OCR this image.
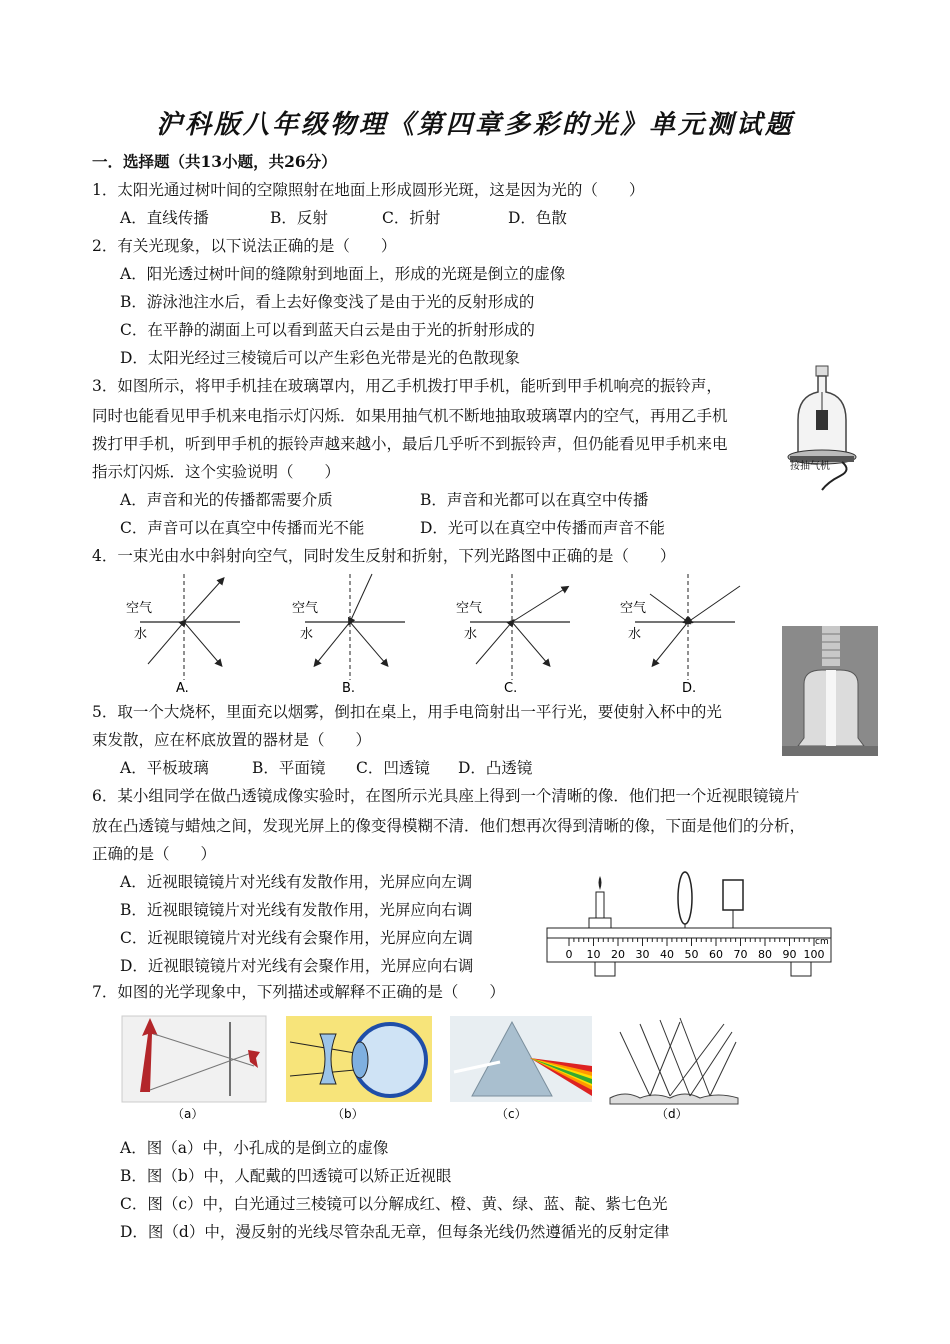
沪科版八年级物理《第四章多彩的光》单元测试题
一．选择题（共13小题，共26分）
1．太阳光通过树叶间的空隙照射在地面上形成圆形光斑，这是因为光的（　　）
A．直线传播	B．反射	C．折射	D．色散
2．有关光现象，以下说法正确的是（　　）
A．阳光透过树叶间的缝隙射到地面上，形成的光斑是倒立的虚像
B．游泳池注水后，看上去好像变浅了是由于光的反射形成的
C．在平静的湖面上可以看到蓝天白云是由于光的折射形成的
D．太阳光经过三棱镜后可以产生彩色光带是光的色散现象
3．如图所示，将甲手机挂在玻璃罩内，用乙手机拨打甲手机，能听到甲手机响亮的振铃声，
同时也能看见甲手机来电指示灯闪烁．如果用抽气机不断地抽取玻璃罩内的空气，再用乙手机
拨打甲手机，听到甲手机的振铃声越来越小，最后几乎听不到振铃声，但仍能看见甲手机来电
指示灯闪烁．这个实验说明（　　）
A．声音和光的传播都需要介质	B．声音和光都可以在真空中传播
C．声音可以在真空中传播而光不能	D．光可以在真空中传播而声音不能
接抽气机
4．一束光由水中斜射向空气，同时发生反射和折射，下列光路图中正确的是（　　）
空气
水
A.
空气
水
B.
空气
水
C.
空气
水
D.
5．取一个大烧杯，里面充以烟雾，倒扣在桌上，用手电筒射出一平行光，要使射入杯中的光
束发散，应在杯底放置的器材是（　　）
A．平板玻璃	B．平面镜 C．凹透镜 D．凸透镜
6．某小组同学在做凸透镜成像实验时，在图所示光具座上得到一个清晰的像．他们把一个近视眼镜镜片
放在凸透镜与蜡烛之间，发现光屏上的像变得模糊不清．他们想再次得到清晰的像，下面是他们的分析，
正确的是（　　）
A．近视眼镜镜片对光线有发散作用，光屏应向左调
B．近视眼镜镜片对光线有发散作用，光屏应向右调
C．近视眼镜镜片对光线有会聚作用，光屏应向左调
D．近视眼镜镜片对光线有会聚作用，光屏应向右调
0 10 20 30 40 50 60 70 80 90 100
cm
7．如图的光学现象中，下列描述或解释不正确的是（　　）
（a）	（b）	（c）	（d）
A．图（a）中，小孔成的是倒立的虚像
B．图（b）中，人配戴的凹透镜可以矫正近视眼
C．图（c）中，白光通过三棱镜可以分解成红、橙、黄、绿、蓝、靛、紫七色光
D．图（d）中，漫反射的光线尽管杂乱无章，但每条光线仍然遵循光的反射定律
